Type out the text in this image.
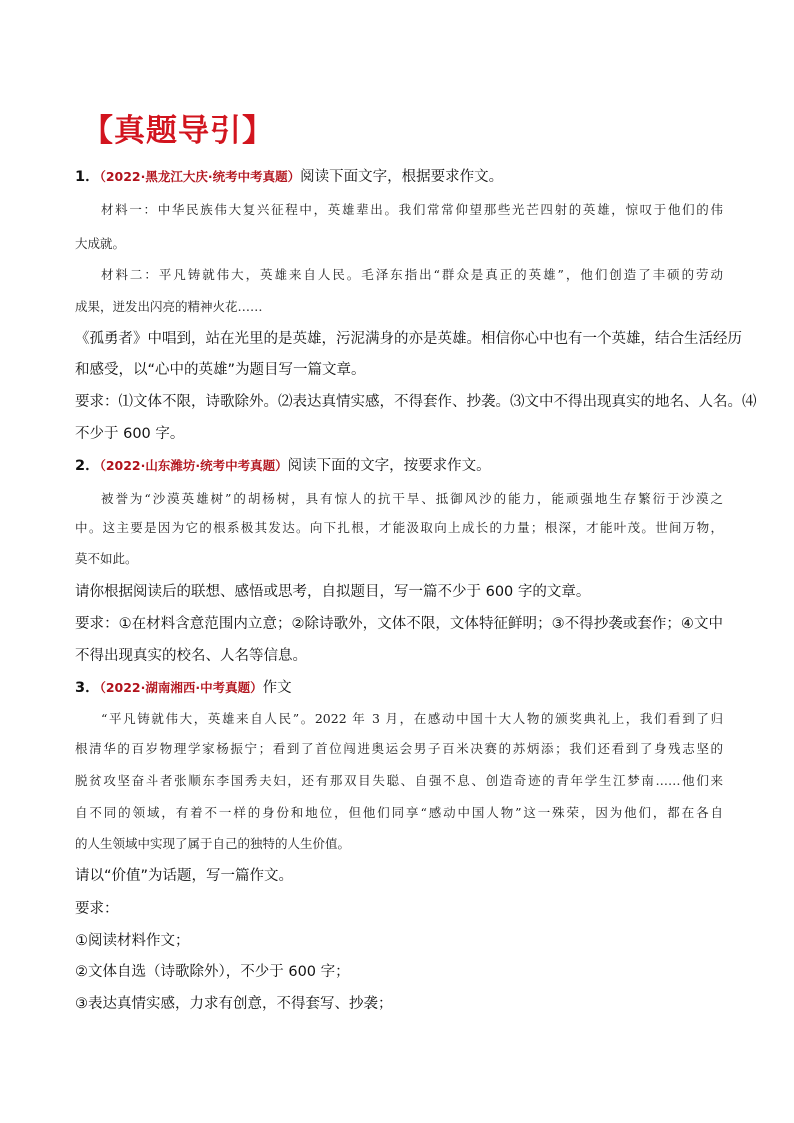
【真题导引】
1．（2022·黑龙江大庆·统考中考真题）阅读下面文字，根据要求作文。
材料一：中华民族伟大复兴征程中，英雄辈出。我们常常仰望那些光芒四射的英雄，惊叹于他们的伟
大成就。
材料二：平凡铸就伟大，英雄来自人民。毛泽东指出“群众是真正的英雄”，他们创造了丰硕的劳动
成果，迸发出闪亮的精神火花……
《孤勇者》中唱到，站在光里的是英雄，污泥满身的亦是英雄。相信你心中也有一个英雄，结合生活经历
和感受，以“心中的英雄”为题目写一篇文章。
要求：⑴文体不限，诗歌除外。⑵表达真情实感，不得套作、抄袭。⑶文中不得出现真实的地名、人名。⑷
不少于 600 字。
2．（2022·山东潍坊·统考中考真题）阅读下面的文字，按要求作文。
被誉为“沙漠英雄树”的胡杨树，具有惊人的抗干旱、抵御风沙的能力，能顽强地生存繁衍于沙漠之
中。这主要是因为它的根系极其发达。向下扎根，才能汲取向上成长的力量；根深，才能叶茂。世间万物，
莫不如此。
请你根据阅读后的联想、感悟或思考，自拟题目，写一篇不少于 600 字的文章。
要求：①在材料含意范围内立意；②除诗歌外，文体不限，文体特征鲜明；③不得抄袭或套作；④文中
不得出现真实的校名、人名等信息。
3．（2022·湖南湘西·中考真题）作文
“平凡铸就伟大，英雄来自人民”。2022 年 3 月，在感动中国十大人物的颁奖典礼上，我们看到了归
根清华的百岁物理学家杨振宁；看到了首位闯进奥运会男子百米决赛的苏炳添；我们还看到了身残志坚的
脱贫攻坚奋斗者张顺东李国秀夫妇，还有那双目失聪、自强不息、创造奇迹的青年学生江梦南……他们来
自不同的领域，有着不一样的身份和地位，但他们同享“感动中国人物”这一殊荣，因为他们，都在各自
的人生领域中实现了属于自己的独特的人生价值。
请以“价值”为话题，写一篇作文。
要求：
①阅读材料作文；
②文体自选（诗歌除外），不少于 600 字；
③表达真情实感，力求有创意，不得套写、抄袭；
